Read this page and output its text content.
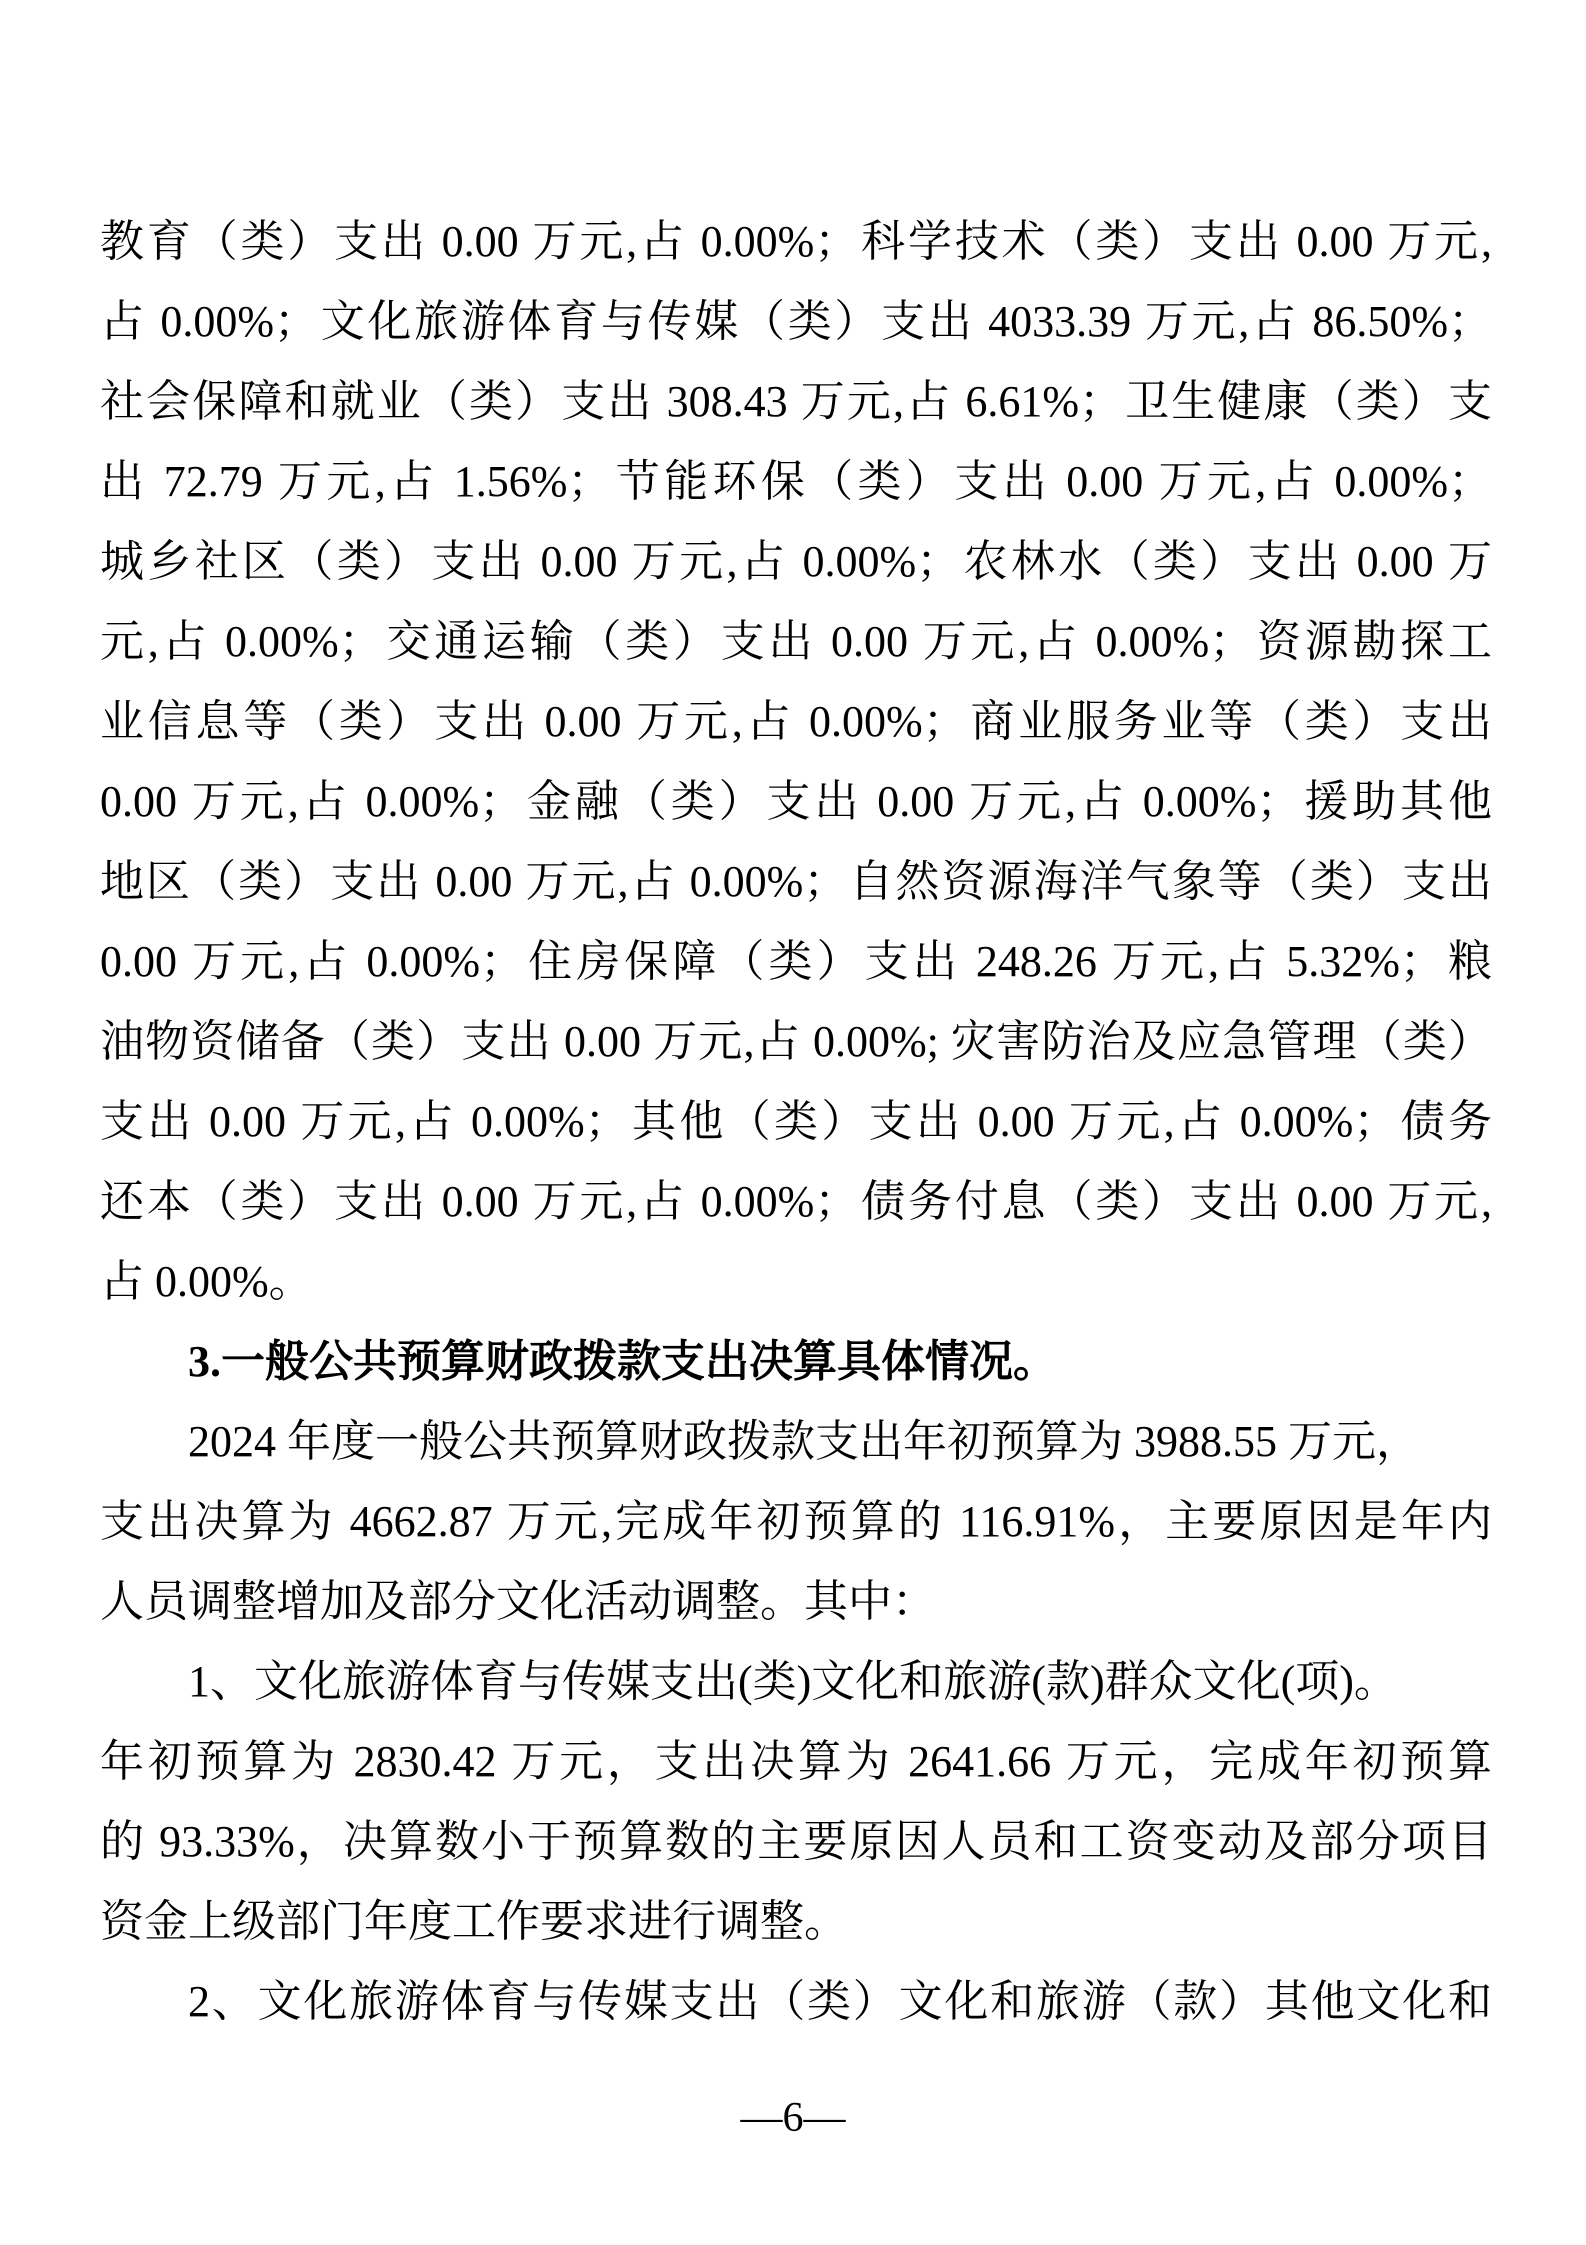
教育（类）支出 0.00 万元,占 0.00%；科学技术（类）支出 0.00 万元,
占 0.00%；文化旅游体育与传媒（类）支出 4033.39 万元,占 86.50%；
社会保障和就业（类）支出 308.43 万元,占 6.61%；卫生健康（类）支
出 72.79 万元,占 1.56%；节能环保（类）支出 0.00 万元,占 0.00%；
城乡社区（类）支出 0.00 万元,占 0.00%；农林水（类）支出 0.00 万
元,占 0.00%；交通运输（类）支出 0.00 万元,占 0.00%；资源勘探工
业信息等（类）支出 0.00 万元,占 0.00%；商业服务业等（类）支出
0.00 万元,占 0.00%；金融（类）支出 0.00 万元,占 0.00%；援助其他
地区（类）支出 0.00 万元,占 0.00%；自然资源海洋气象等（类）支出
0.00 万元,占 0.00%；住房保障（类）支出 248.26 万元,占 5.32%；粮
油物资储备（类）支出 0.00 万元,占 0.00%; 灾害防治及应急管理（类）
支出 0.00 万元,占 0.00%；其他（类）支出 0.00 万元,占 0.00%；债务
还本（类）支出 0.00 万元,占 0.00%；债务付息（类）支出 0.00 万元,
占 0.00%。
3.一般公共预算财政拨款支出决算具体情况。
2024 年度一般公共预算财政拨款支出年初预算为 3988.55 万元，
支出决算为 4662.87 万元,完成年初预算的 116.91%，主要原因是年内
人员调整增加及部分文化活动调整。其中：
1、文化旅游体育与传媒支出(类)文化和旅游(款)群众文化(项)。
年初预算为 2830.42 万元，支出决算为 2641.66 万元，完成年初预算
的 93.33%，决算数小于预算数的主要原因人员和工资变动及部分项目
资金上级部门年度工作要求进行调整。
2、文化旅游体育与传媒支出（类）文化和旅游（款）其他文化和
—6—
